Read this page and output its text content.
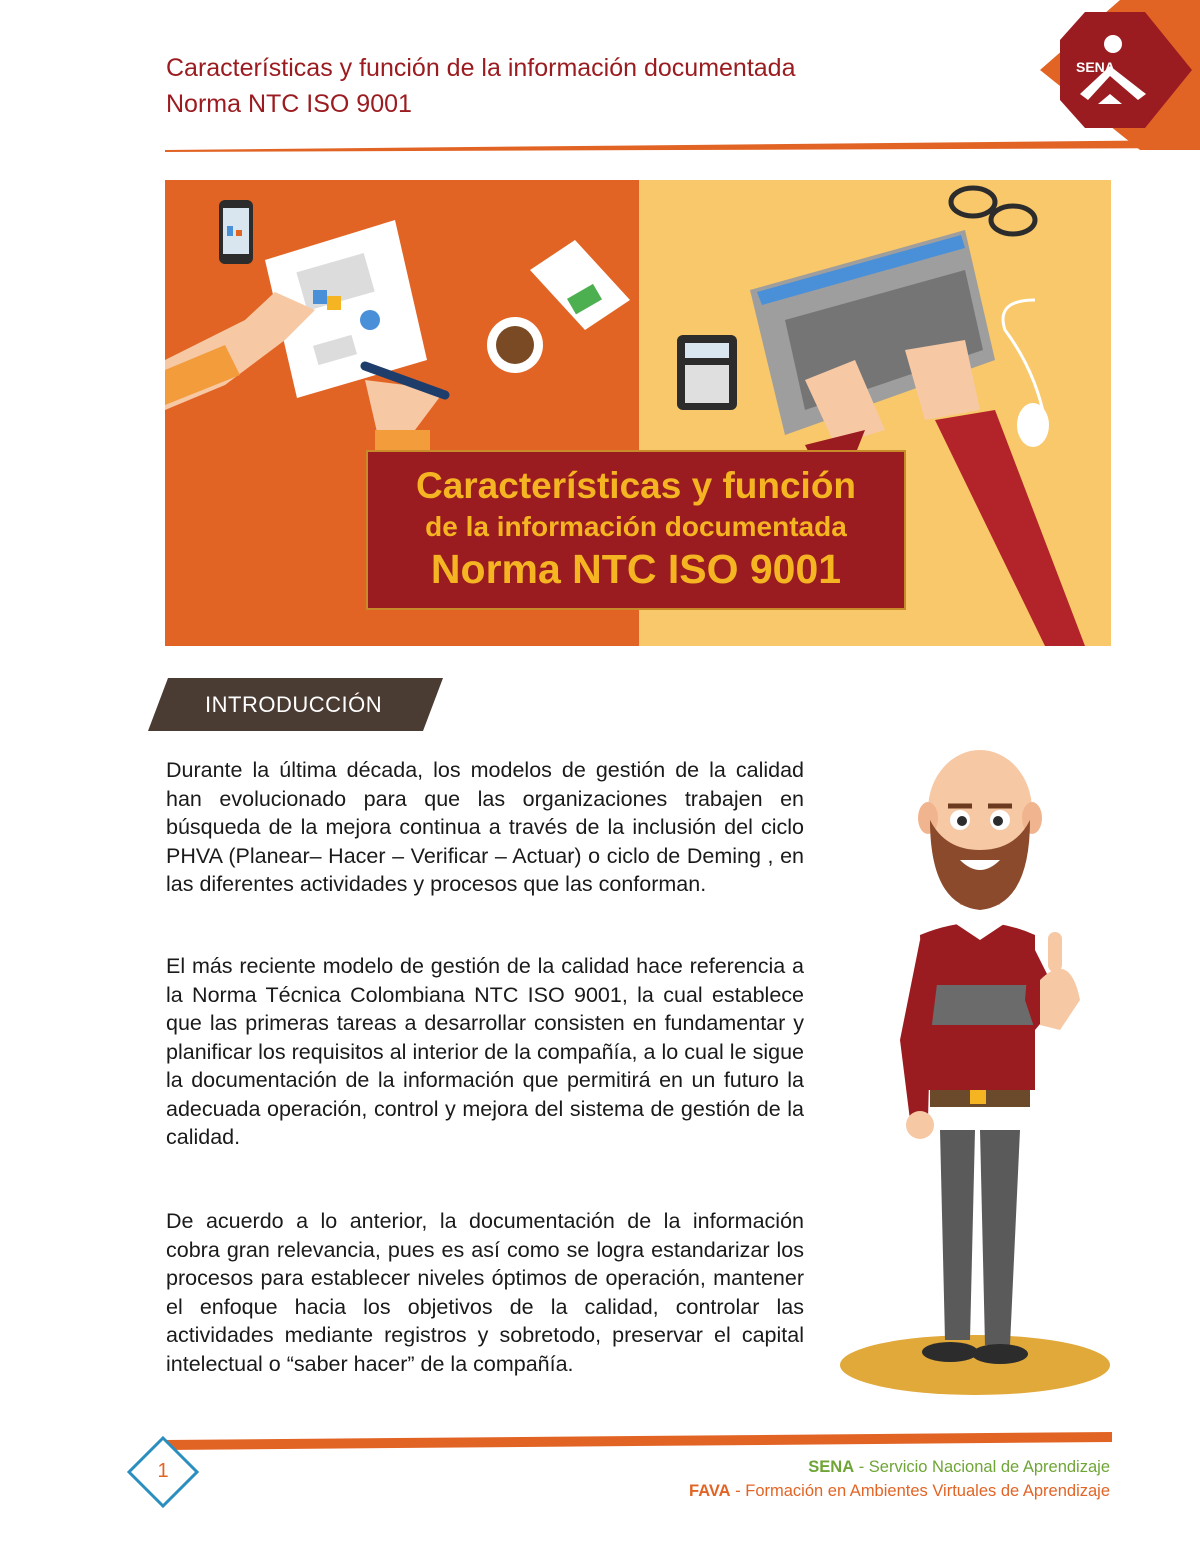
SENA
Características y función de la información documentada
Norma NTC ISO 9001
Características y función
de la información documentada
Norma NTC ISO 9001
INTRODUCCIÓN
Durante la última década, los modelos de gestión de la calidad han evolucionado para que las organizaciones trabajen en búsqueda de la mejora continua a través de la inclusión del ciclo PHVA (Planear– Hacer – Verificar – Actuar) o ciclo de Deming , en las diferentes actividades y procesos que las conforman.
El más reciente modelo de gestión de la calidad hace referencia a la Norma Técnica Colombiana NTC ISO 9001, la cual establece que las primeras tareas a desarrollar consisten en fundamentar y planificar los requisitos al interior de la compañía, a lo cual le sigue la documentación de la información que permitirá en un futuro la adecuada operación, control y mejora del sistema de gestión de la calidad.
De acuerdo a lo anterior, la documentación de la información cobra gran relevancia, pues es así como se logra estandarizar los procesos para establecer niveles óptimos de operación, mantener el enfoque hacia los objetivos de la calidad, controlar las actividades mediante registros y sobretodo, preservar el capital intelectual o “saber hacer” de la compañía.
1	SENA - Servicio Nacional de Aprendizaje
FAVA - Formación en Ambientes Virtuales de Aprendizaje
